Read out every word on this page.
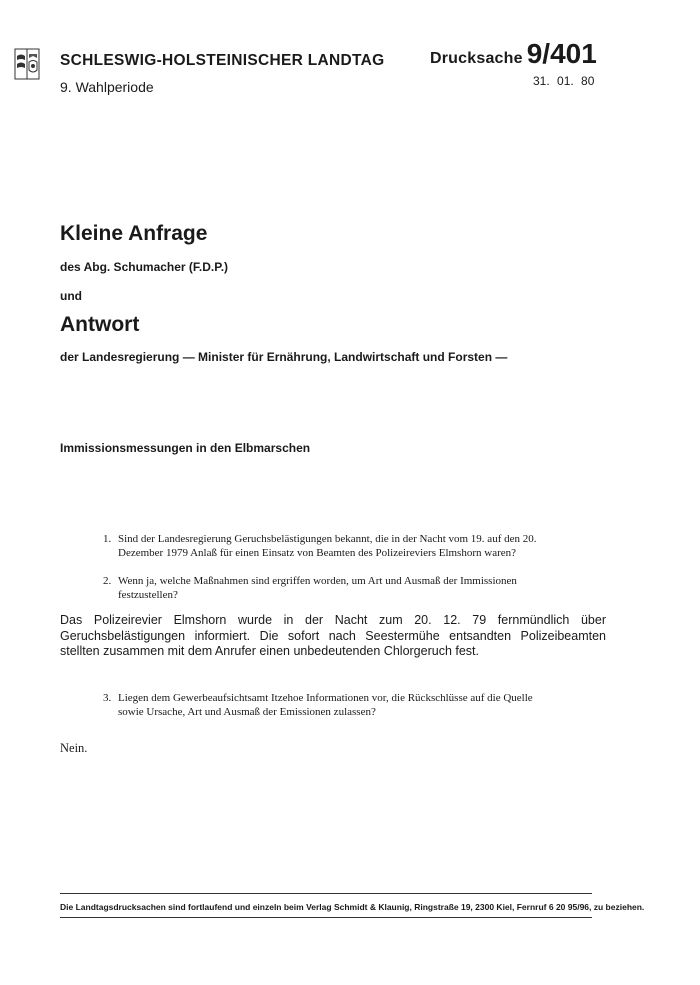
SCHLESWIG-HOLSTEINISCHER LANDTAG
9. Wahlperiode
Drucksache 9/401
31. 01. 80
Kleine Anfrage
des Abg. Schumacher (F.D.P.)
und
Antwort
der Landesregierung — Minister für Ernährung, Landwirtschaft und Forsten —
Immissionsmessungen in den Elbmarschen
1. Sind der Landesregierung Geruchsbelästigungen bekannt, die in der Nacht vom 19. auf den 20. Dezember 1979 Anlaß für einen Einsatz von Beamten des Polizeireviers Elmshorn waren?
2. Wenn ja, welche Maßnahmen sind ergriffen worden, um Art und Ausmaß der Immissionen festzustellen?
Das Polizeirevier Elmshorn wurde in der Nacht zum 20. 12. 79 fernmündlich über Geruchsbelästigungen informiert. Die sofort nach Seestermühe entsandten Polizeibeamten stellten zusammen mit dem Anrufer einen unbedeutenden Chlorgeruch fest.
3. Liegen dem Gewerbeaufsichtsamt Itzehoe Informationen vor, die Rückschlüsse auf die Quelle sowie Ursache, Art und Ausmaß der Emissionen zulassen?
Nein.
Die Landtagsdrucksachen sind fortlaufend und einzeln beim Verlag Schmidt & Klaunig, Ringstraße 19, 2300 Kiel, Fernruf 6 20 95/96, zu beziehen.
